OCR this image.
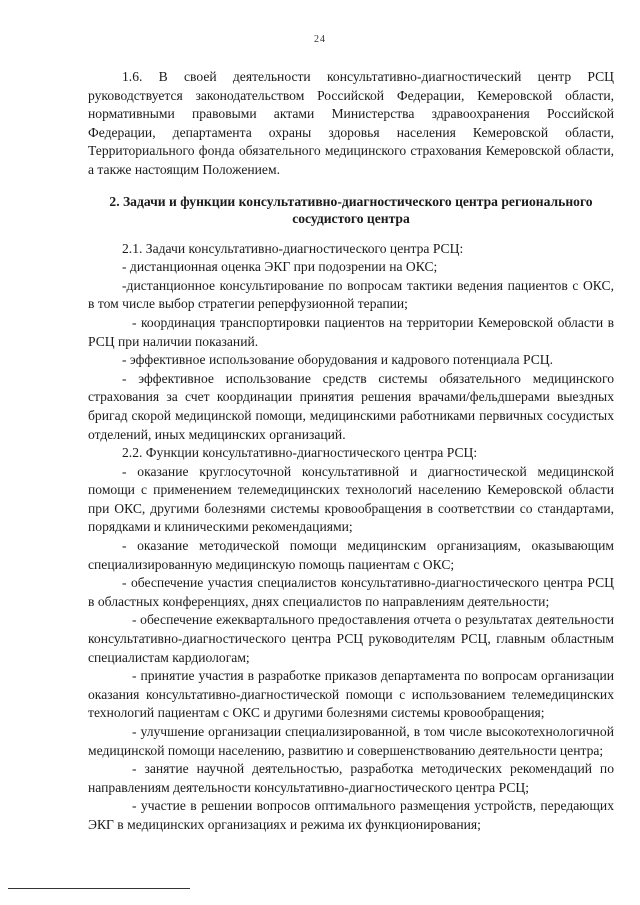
24

1.6. В своей деятельности консультативно-диагностический центр РСЦ руководствуется законодательством Российской Федерации, Кемеровской области, нормативными правовыми актами Министерства здравоохранения Российской Федерации, департамента охраны здоровья населения Кемеровской области, Территориального фонда обязательного медицинского страхования Кемеровской области, а также настоящим Положением.

2. Задачи и функции консультативно-диагностического центра регионального сосудистого центра

2.1. Задачи консультативно-диагностического центра РСЦ:

- дистанционная оценка ЭКГ при подозрении на ОКС;

-дистанционное консультирование по вопросам тактики ведения пациентов с ОКС, в том числе выбор стратегии реперфузионной терапии;

- координация транспортировки пациентов на территории Кемеровской области в РСЦ при наличии показаний.

- эффективное использование оборудования и кадрового потенциала РСЦ.

- эффективное использование средств системы обязательного медицинского страхования за счет координации принятия решения врачами/фельдшерами выездных бригад скорой медицинской помощи, медицинскими работниками первичных сосудистых отделений, иных медицинских организаций.

2.2. Функции консультативно-диагностического центра РСЦ:

- оказание круглосуточной консультативной и диагностической медицинской помощи с применением телемедицинских технологий населению Кемеровской области при ОКС, другими болезнями системы кровообращения в соответствии со стандартами, порядками и клиническими рекомендациями;

- оказание методической помощи медицинским организациям, оказывающим специализированную медицинскую помощь пациентам с ОКС;

- обеспечение участия специалистов консультативно-диагностического центра РСЦ в областных конференциях, днях специалистов по направлениям деятельности;

- обеспечение ежеквартального предоставления отчета о результатах деятельности консультативно-диагностического центра РСЦ руководителям РСЦ, главным областным специалистам кардиологам;

- принятие участия в разработке приказов департамента по вопросам организации оказания консультативно-диагностической помощи с использованием телемедицинских технологий пациентам с ОКС и другими болезнями системы кровообращения;

- улучшение организации специализированной, в том числе высокотехнологичной медицинской помощи населению, развитию и совершенствованию деятельности центра;

- занятие научной деятельностью, разработка методических рекомендаций по направлениям деятельности консультативно-диагностического центра РСЦ;

- участие в решении вопросов оптимального размещения устройств, передающих ЭКГ в медицинских организациях и режима их функционирования;
